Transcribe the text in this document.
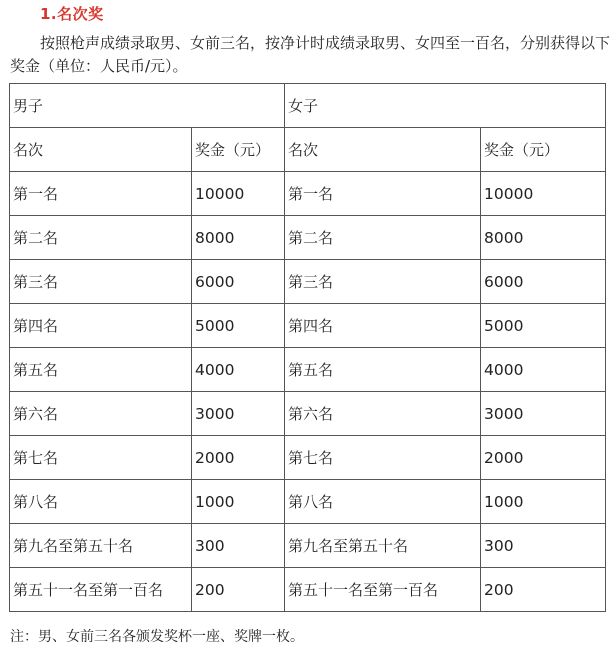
1.名次奖
按照枪声成绩录取男、女前三名，按净计时成绩录取男、女四至一百名，分别获得以下奖金（单位：人民币/元）。
男子		女子	
名次	奖金（元）	名次	奖金（元）
第一名	10000	第一名	10000
第二名	8000	第二名	8000
第三名	6000	第三名	6000
第四名	5000	第四名	5000
第五名	4000	第五名	4000
第六名	3000	第六名	3000
第七名	2000	第七名	2000
第八名	1000	第八名	1000
第九名至第五十名	300	第九名至第五十名	300
第五十一名至第一百名	200	第五十一名至第一百名	200
注：男、女前三名各颁发奖杯一座、奖牌一枚。
